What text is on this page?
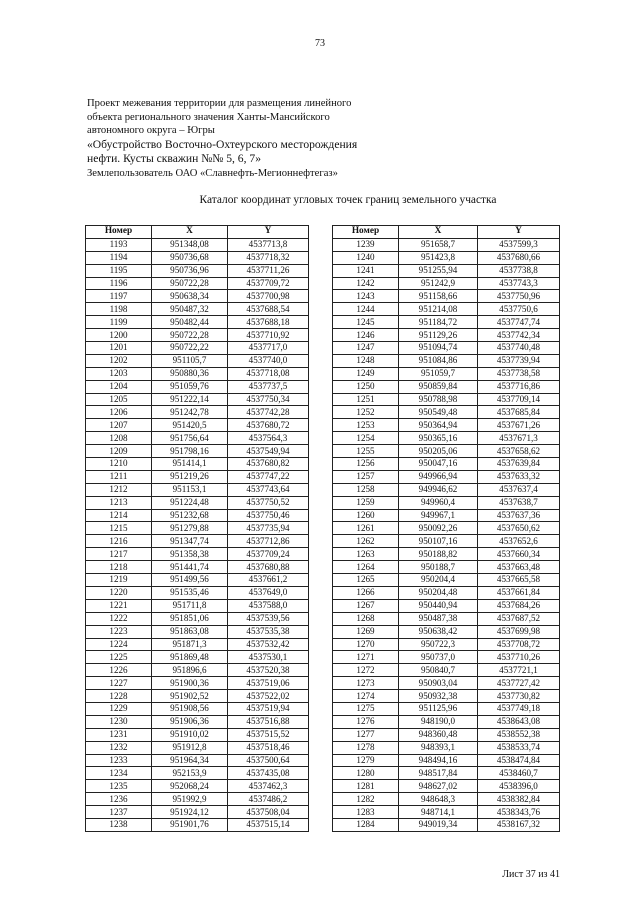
73
Проект межевания территории для размещения линейного
объекта регионального значения Ханты-Мансийского
автономного округа – Югры
«Обустройство Восточно-Охтеурского месторождения
нефти. Кусты скважин №№ 5, 6, 7»
Землепользователь ОАО «Славнефть-Мегионнефтегаз»
Каталог координат угловых точек границ земельного участка
Номер	X	Y
1193	951348,08	4537713,8
1194	950736,68	4537718,32
1195	950736,96	4537711,26
1196	950722,28	4537709,72
1197	950638,34	4537700,98
1198	950487,32	4537688,54
1199	950482,44	4537688,18
1200	950722,28	4537710,92
1201	950722,22	4537717,0
1202	951105,7	4537740,0
1203	950880,36	4537718,08
1204	951059,76	4537737,5
1205	951222,14	4537750,34
1206	951242,78	4537742,28
1207	951420,5	4537680,72
1208	951756,64	4537564,3
1209	951798,16	4537549,94
1210	951414,1	4537680,82
1211	951219,26	4537747,22
1212	951153,1	4537743,64
1213	951224,48	4537750,52
1214	951232,68	4537750,46
1215	951279,88	4537735,94
1216	951347,74	4537712,86
1217	951358,38	4537709,24
1218	951441,74	4537680,88
1219	951499,56	4537661,2
1220	951535,46	4537649,0
1221	951711,8	4537588,0
1222	951851,06	4537539,56
1223	951863,08	4537535,38
1224	951871,3	4537532,42
1225	951869,48	4537530,1
1226	951896,6	4537520,38
1227	951900,36	4537519,06
1228	951902,52	4537522,02
1229	951908,56	4537519,94
1230	951906,36	4537516,88
1231	951910,02	4537515,52
1232	951912,8	4537518,46
1233	951964,34	4537500,64
1234	952153,9	4537435,08
1235	952068,24	4537462,3
1236	951992,9	4537486,2
1237	951924,12	4537508,04
1238	951901,76	4537515,14
Номер	X	Y
1239	951658,7	4537599,3
1240	951423,8	4537680,66
1241	951255,94	4537738,8
1242	951242,9	4537743,3
1243	951158,66	4537750,96
1244	951214,08	4537750,6
1245	951184,72	4537747,74
1246	951129,26	4537742,34
1247	951094,74	4537740,48
1248	951084,86	4537739,94
1249	951059,7	4537738,58
1250	950859,84	4537716,86
1251	950788,98	4537709,14
1252	950549,48	4537685,84
1253	950364,94	4537671,26
1254	950365,16	4537671,3
1255	950205,06	4537658,62
1256	950047,16	4537639,84
1257	949966,94	4537633,32
1258	949946,62	4537637,4
1259	949960,4	4537638,7
1260	949967,1	4537637,36
1261	950092,26	4537650,62
1262	950107,16	4537652,6
1263	950188,82	4537660,34
1264	950188,7	4537663,48
1265	950204,4	4537665,58
1266	950204,48	4537661,84
1267	950440,94	4537684,26
1268	950487,38	4537687,52
1269	950638,42	4537699,98
1270	950722,3	4537708,72
1271	950737,0	4537710,26
1272	950840,7	4537721,1
1273	950903,04	4537727,42
1274	950932,38	4537730,82
1275	951125,96	4537749,18
1276	948190,0	4538643,08
1277	948360,48	4538552,38
1278	948393,1	4538533,74
1279	948494,16	4538474,84
1280	948517,84	4538460,7
1281	948627,02	4538396,0
1282	948648,3	4538382,84
1283	948714,1	4538343,76
1284	949019,34	4538167,32
Лист 37 из 41
